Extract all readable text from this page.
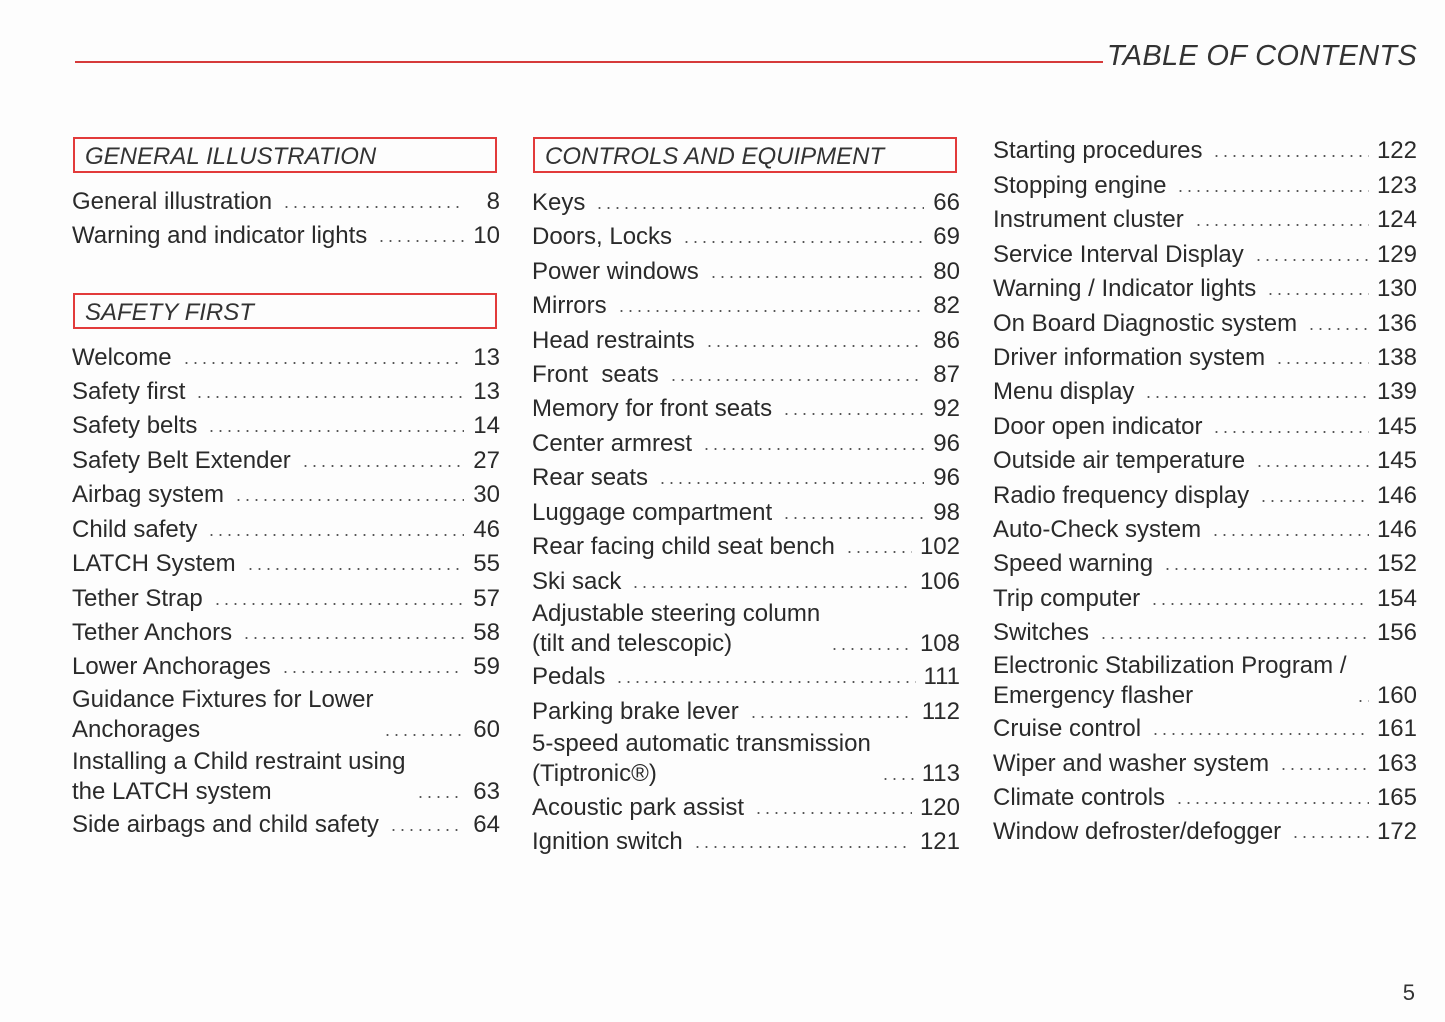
TABLE OF CONTENTS
GENERAL ILLUSTRATION
General illustration	8
Warning and indicator lights	10
SAFETY FIRST
Welcome	13
Safety first	13
Safety belts	14
Safety Belt Extender	27
Airbag system	30
Child safety	46
LATCH System	55
Tether Strap	57
Tether Anchors	58
Lower Anchorages	59
Guidance Fixtures for Lower
Anchorages	60
Installing a Child restraint using
the LATCH system	63
Side airbags and child safety	64
CONTROLS AND EQUIPMENT
Keys	66
Doors, Locks	69
Power windows	80
Mirrors	82
Head restraints	86
Front  seats	87
Memory for front seats	92
Center armrest	96
Rear seats	96
Luggage compartment	98
Rear facing child seat bench	102
Ski sack	106
Adjustable steering column
(tilt and telescopic)	108
Pedals	111
Parking brake lever	112
5-speed automatic transmission
(Tiptronic®)	113
Acoustic park assist	120
Ignition switch	121
Starting procedures	122
Stopping engine	123
Instrument cluster	124
Service Interval Display	129
Warning / Indicator lights	130
On Board Diagnostic system	136
Driver information system	138
Menu display	139
Door open indicator	145
Outside air temperature	145
Radio frequency display	146
Auto-Check system	146
Speed warning	152
Trip computer	154
Switches	156
Electronic Stabilization Program /
Emergency flasher	160
Cruise control	161
Wiper and washer system	163
Climate controls	165
Window defroster/defogger	172
5
